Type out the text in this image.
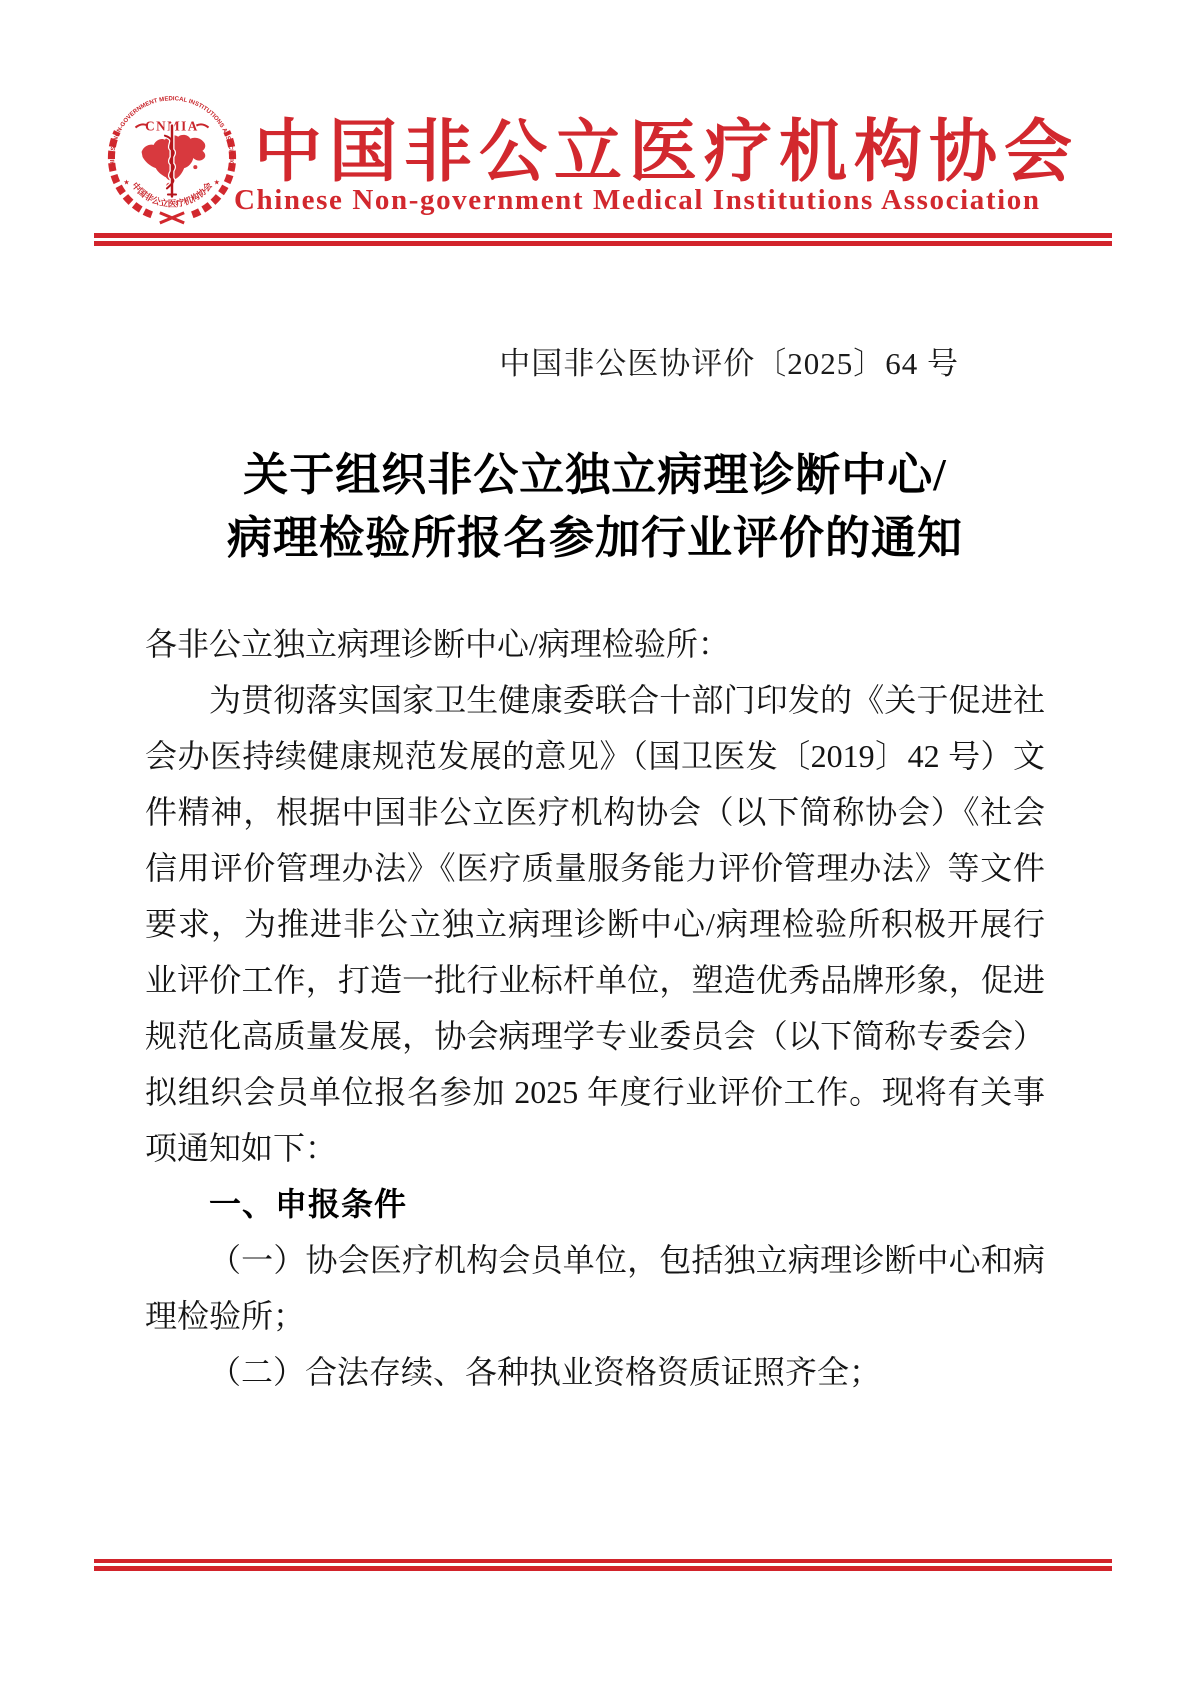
CHINESE NON-GOVERNMENT MEDICAL INSTITUTIONS ASSOCIATION
中国非公立医疗机构协会
★	★
CNMIA 中国非公立医疗机构协会
Chinese Non-government Medical Institutions Association
中国非公医协评价〔2025〕64 号
关于组织非公立独立病理诊断中心/
病理检验所报名参加行业评价的通知

各非公立独立病理诊断中心/病理检验所：

为贯彻落实国家卫生健康委联合十部门印发的《关于促进社会办医持续健康规范发展的意见》（国卫医发〔2019〕42 号）文件精神，根据中国非公立医疗机构协会（以下简称协会）《社会信用评价管理办法》《医疗质量服务能力评价管理办法》等文件要求，为推进非公立独立病理诊断中心/病理检验所积极开展行业评价工作，打造一批行业标杆单位，塑造优秀品牌形象，促进规范化高质量发展，协会病理学专业委员会（以下简称专委会）拟组织会员单位报名参加 2025 年度行业评价工作。现将有关事项通知如下：

一、申报条件

（一）协会医疗机构会员单位，包括独立病理诊断中心和病理检验所；

（二）合法存续、各种执业资格资质证照齐全；
